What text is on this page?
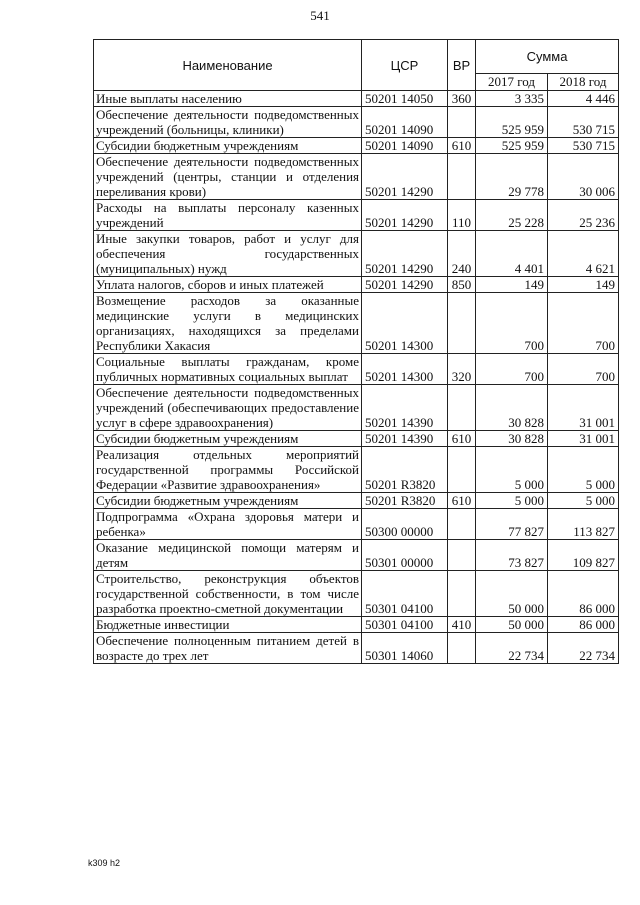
541
Наименование	ЦСР	ВР	Сумма	
			2017 год	2018 год
Иные выплаты населению	50201 14050	360	3 335	4 446
Обеспечение деятельности подведомственных учреждений (больницы, клиники)	50201 14090		525 959	530 715
Субсидии бюджетным учреждениям	50201 14090	610	525 959	530 715
Обеспечение деятельности подведомственных учреждений (центры, станции и отделения переливания крови)	50201 14290		29 778	30 006
Расходы на выплаты персоналу казенных учреждений	50201 14290	110	25 228	25 236
Иные закупки товаров, работ и услуг для обеспечения государственных (муниципальных) нужд	50201 14290	240	4 401	4 621
Уплата налогов, сборов и иных платежей	50201 14290	850	149	149
Возмещение расходов за оказанные медицинские услуги в медицинских организациях, находящихся за пределами Республики Хакасия	50201 14300		700	700
Социальные выплаты гражданам, кроме публичных нормативных социальных выплат	50201 14300	320	700	700
Обеспечение деятельности подведомственных учреждений (обеспечивающих предоставление услуг в сфере здравоохранения)	50201 14390		30 828	31 001
Субсидии бюджетным учреждениям	50201 14390	610	30 828	31 001
Реализация отдельных мероприятий государственной программы Российской Федерации «Развитие здравоохранения»	50201 R3820		5 000	5 000
Субсидии бюджетным учреждениям	50201 R3820	610	5 000	5 000
Подпрограмма «Охрана здоровья матери и ребенка»	50300 00000		77 827	113 827
Оказание медицинской помощи матерям и детям	50301 00000		73 827	109 827
Строительство, реконструкция объектов государственной собственности, в том числе разработка проектно-сметной документации	50301 04100		50 000	86 000
Бюджетные инвестиции	50301 04100	410	50 000	86 000
Обеспечение полноценным питанием детей в возрасте до трех лет	50301 14060		22 734	22 734
k309 h2
